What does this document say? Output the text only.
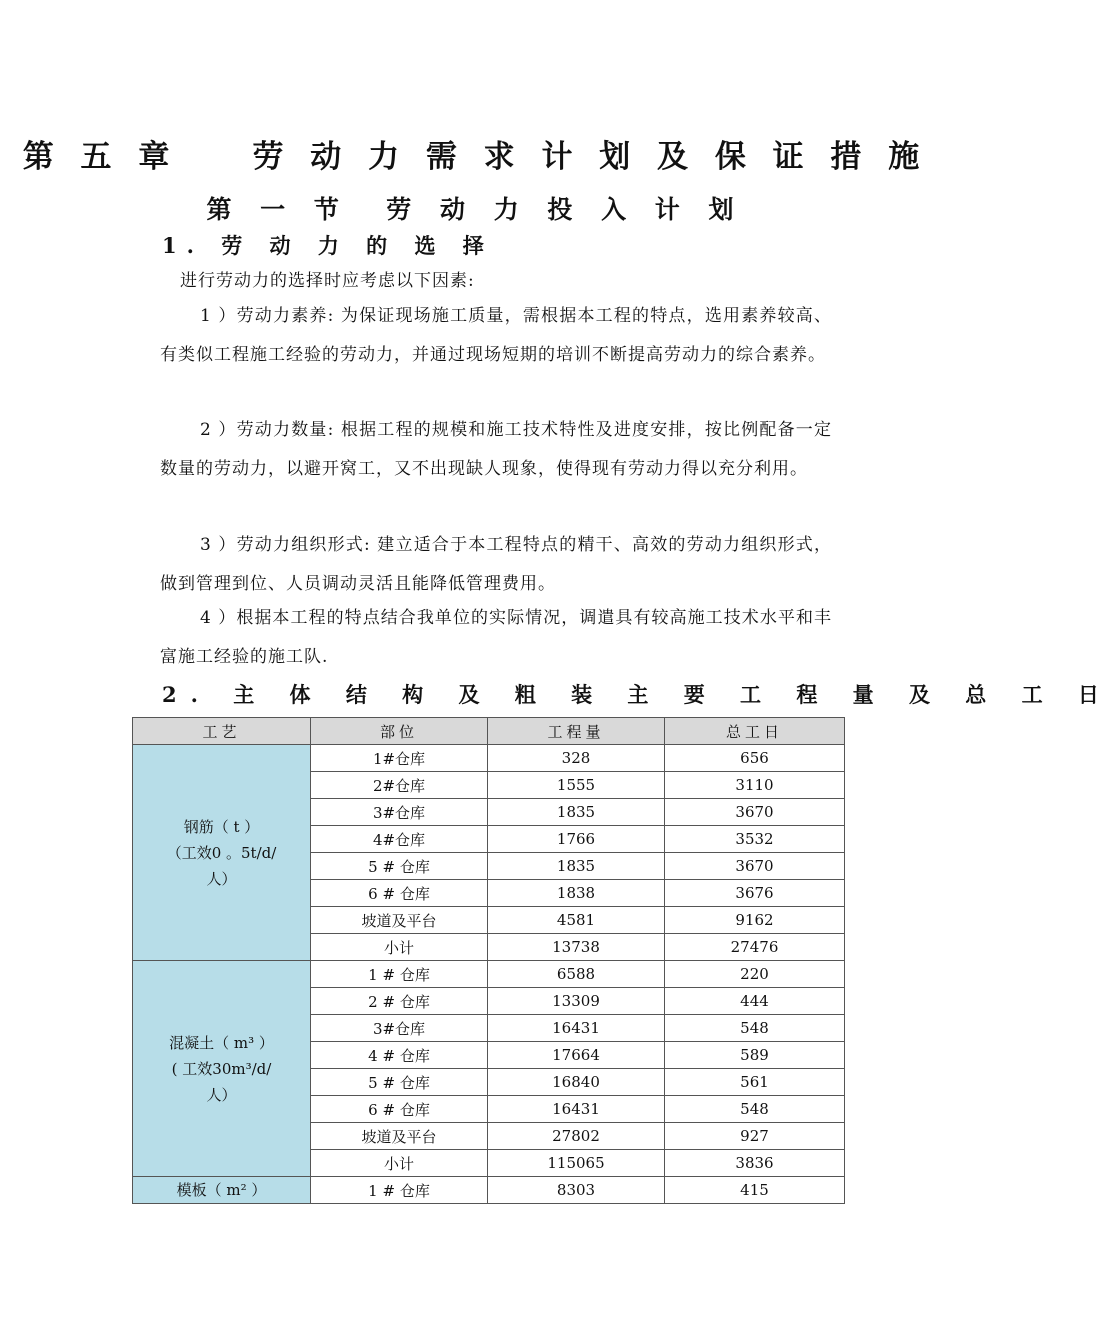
第 五 章    劳 动 力 需 求 计 划 及 保 证 措 施
第 一 节  劳 动 力 投 入 计 划
1. 劳 动 力 的 选 择
进行劳动力的选择时应考虑以下因素:
1 ）劳动力素养: 为保证现场施工质量，需根据本工程的特点，选用素养较高、有类似工程施工经验的劳动力，并通过现场短期的培训不断提高劳动力的综合素养。
2 ）劳动力数量: 根据工程的规模和施工技术特性及进度安排，按比例配备一定数量的劳动力，以避开窝工，又不出现缺人现象，使得现有劳动力得以充分利用。
3 ）劳动力组织形式: 建立适合于本工程特点的精干、高效的劳动力组织形式，做到管理到位、人员调动灵活且能降低管理费用。
4 ）根据本工程的特点结合我单位的实际情况，调遣具有较高施工技术水平和丰富施工经验的施工队.
2. 主 体 结 构 及 粗 装 主 要 工 程 量 及 总 工 日
工艺	部位	工程量	总工日

钢筋（ t ）
（工效0 。5t/d/
人）	1#仓库	328	656
	2#仓库	1555	3110
	3#仓库	1835	3670
	4#仓库	1766	3532
	5 # 仓库	1835	3670
	6 # 仓库	1838	3676
	坡道及平台	4581	9162
	小计	13738	27476

混凝土（ m³ ）
( 工效30m³/d/
人）	1 # 仓库	6588	220
	2 # 仓库	13309	444
	3#仓库	16431	548
	4 # 仓库	17664	589
	5 # 仓库	16840	561
	6 # 仓库	16431	548
	坡道及平台	27802	927
	小计	115065	3836

模板（ m² ）	1 # 仓库	8303	415
